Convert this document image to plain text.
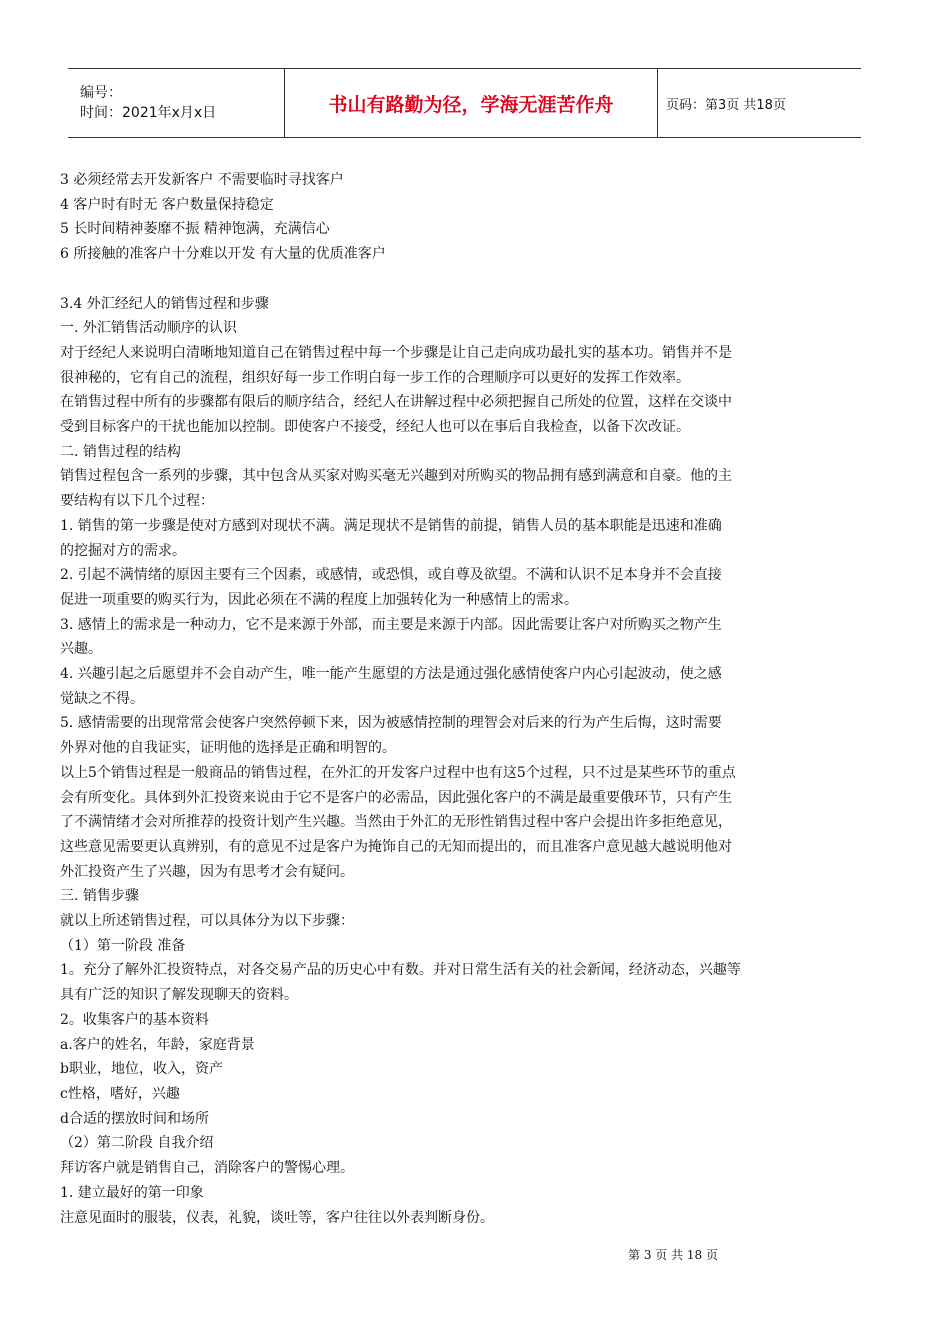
编号：
时间：2021年x月x日	书山有路勤为径，学海无涯苦作舟	页码：第3页 共18页

3 必须经常去开发新客户 不需要临时寻找客户

4 客户时有时无 客户数量保持稳定

5 长时间精神萎靡不振 精神饱满，充满信心

6 所接触的准客户十分难以开发 有大量的优质准客户

3.4 外汇经纪人的销售过程和步骤

一. 外汇销售活动顺序的认识

对于经纪人来说明白清晰地知道自己在销售过程中每一个步骤是让自己走向成功最扎实的基本功。销售并不是

很神秘的，它有自己的流程，组织好每一步工作明白每一步工作的合理顺序可以更好的发挥工作效率。

在销售过程中所有的步骤都有限后的顺序结合，经纪人在讲解过程中必须把握自己所处的位置，这样在交谈中

受到目标客户的干扰也能加以控制。即使客户不接受，经纪人也可以在事后自我检查，以备下次改证。

二. 销售过程的结构

销售过程包含一系列的步骤，其中包含从买家对购买毫无兴趣到对所购买的物品拥有感到满意和自豪。他的主

要结构有以下几个过程：

1. 销售的第一步骤是使对方感到对现状不满。满足现状不是销售的前提，销售人员的基本职能是迅速和准确

的挖掘对方的需求。

2. 引起不满情绪的原因主要有三个因素，或感情，或恐惧，或自尊及欲望。不满和认识不足本身并不会直接

促进一项重要的购买行为，因此必须在不满的程度上加强转化为一种感情上的需求。

3. 感情上的需求是一种动力，它不是来源于外部，而主要是来源于内部。因此需要让客户对所购买之物产生

兴趣。

4. 兴趣引起之后愿望并不会自动产生，唯一能产生愿望的方法是通过强化感情使客户内心引起波动，使之感

觉缺之不得。

5. 感情需要的出现常常会使客户突然停顿下来，因为被感情控制的理智会对后来的行为产生后悔，这时需要

外界对他的自我证实，证明他的选择是正确和明智的。

以上5个销售过程是一般商品的销售过程，在外汇的开发客户过程中也有这5个过程，只不过是某些环节的重点

会有所变化。具体到外汇投资来说由于它不是客户的必需品，因此强化客户的不满是最重要俄环节，只有产生

了不满情绪才会对所推荐的投资计划产生兴趣。当然由于外汇的无形性销售过程中客户会提出许多拒绝意见，

这些意见需要更认真辨别，有的意见不过是客户为掩饰自己的无知而提出的，而且准客户意见越大越说明他对

外汇投资产生了兴趣，因为有思考才会有疑问。

三. 销售步骤

就以上所述销售过程，可以具体分为以下步骤：

（1）第一阶段 准备

1。充分了解外汇投资特点，对各交易产品的历史心中有数。并对日常生活有关的社会新闻，经济动态，兴趣等

具有广泛的知识了解发现聊天的资料。

2。收集客户的基本资料

a.客户的姓名，年龄，家庭背景

b职业，地位，收入，资产

c性格，嗜好，兴趣

d合适的摆放时间和场所

（2）第二阶段 自我介绍

拜访客户就是销售自己，消除客户的警惕心理。

1. 建立最好的第一印象

注意见面时的服装，仪表，礼貌，谈吐等，客户往往以外表判断身份。

第 3 页 共 18 页
